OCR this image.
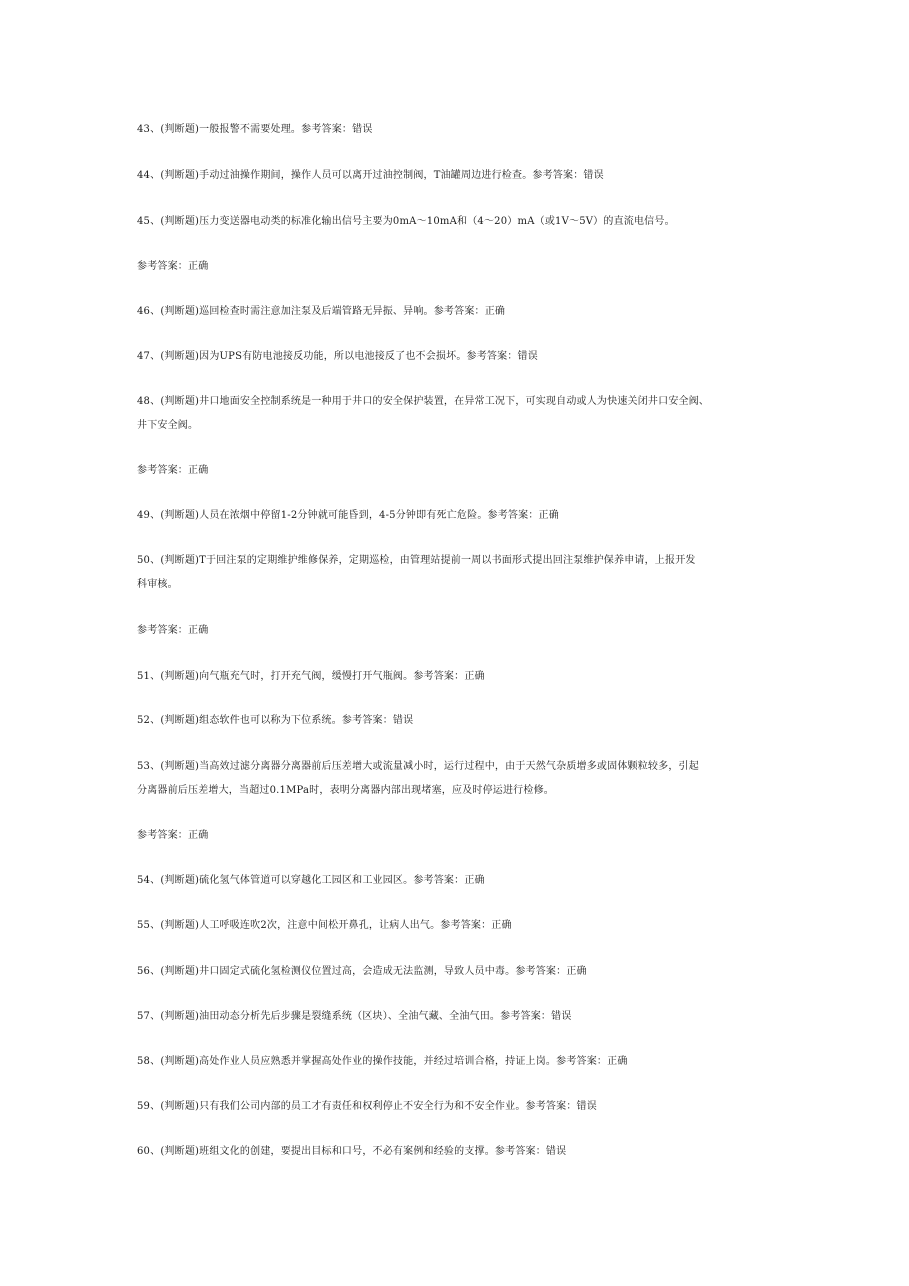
43、(判断题)一般报警不需要处理。参考答案：错误
44、(判断题)手动过油操作期间，操作人员可以离开过油控制阀，T油罐周边进行检查。参考答案：错误
45、(判断题)压力变送器电动类的标准化输出信号主要为0mA～10mA和（4～20）mA（或1V～5V）的直流电信号。
参考答案：正确
46、(判断题)巡回检查时需注意加注泵及后端管路无异振、异响。参考答案：正确
47、(判断题)因为UPS有防电池接反功能，所以电池接反了也不会损坏。参考答案：错误
48、(判断题)井口地面安全控制系统是一种用于井口的安全保护装置，在异常工况下，可实现自动或人为快速关闭井口安全阀、
井下安全阀。
参考答案：正确
49、(判断题)人员在浓烟中停留1-2分钟就可能昏到，4-5分钟即有死亡危险。参考答案：正确
50、(判断题)T于回注泵的定期维护维修保养，定期巡检，由管理站提前一周以书面形式提出回注泵维护保养申请，上报开发
科审核。
参考答案：正确
51、(判断题)向气瓶充气时，打开充气阀，缓慢打开气瓶阀。参考答案：正确
52、(判断题)组态软件也可以称为下位系统。参考答案：错误
53、(判断题)当高效过滤分离器分离器前后压差增大或流量减小时，运行过程中，由于天然气杂质增多或固体颗粒较多，引起
分离器前后压差增大，当超过0.1MPa时，表明分离器内部出现堵塞，应及时停运进行检修。
参考答案：正确
54、(判断题)硫化氢气体管道可以穿越化工园区和工业园区。参考答案：正确
55、(判断题)人工呼吸连吹2次，注意中间松开鼻孔，让病人出气。参考答案：正确
56、(判断题)井口固定式硫化氢检测仪位置过高，会造成无法监测，导致人员中毒。参考答案：正确
57、(判断题)油田动态分析先后步骤是裂缝系统（区块）、全油气藏、全油气田。参考答案：错误
58、(判断题)高处作业人员应熟悉并掌握高处作业的操作技能，并经过培训合格，持证上岗。参考答案：正确
59、(判断题)只有我们公司内部的员工才有责任和权利停止不安全行为和不安全作业。参考答案：错误
60、(判断题)班组文化的创建，要提出目标和口号，不必有案例和经验的支撑。参考答案：错误
